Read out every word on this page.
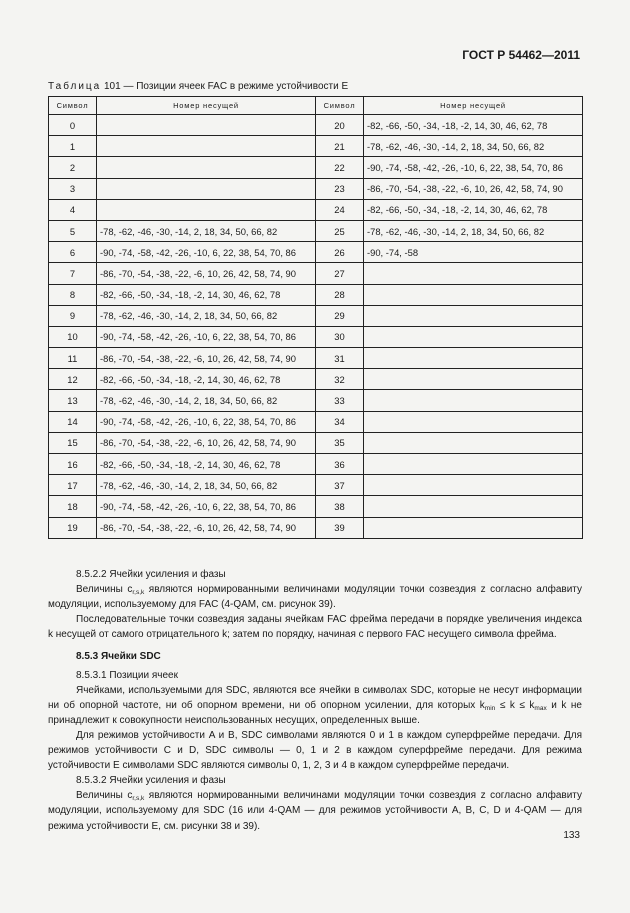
ГОСТ Р 54462—2011
Таблица 101 — Позиции ячеек FAC в режиме устойчивости E
Символ	Номер несущей	Символ	Номер несущей
0		20	-82, -66, -50, -34, -18, -2, 14, 30, 46, 62, 78
1		21	-78, -62, -46, -30, -14, 2, 18, 34, 50, 66, 82
2		22	-90, -74, -58, -42, -26, -10, 6, 22, 38, 54, 70, 86
3		23	-86, -70, -54, -38, -22, -6, 10, 26, 42, 58, 74, 90
4		24	-82, -66, -50, -34, -18, -2, 14, 30, 46, 62, 78
5	-78, -62, -46, -30, -14, 2, 18, 34, 50, 66, 82	25	-78, -62, -46, -30, -14, 2, 18, 34, 50, 66, 82
6	-90, -74, -58, -42, -26, -10, 6, 22, 38, 54, 70, 86	26	-90, -74, -58
7	-86, -70, -54, -38, -22, -6, 10, 26, 42, 58, 74, 90	27	
8	-82, -66, -50, -34, -18, -2, 14, 30, 46, 62, 78	28	
9	-78, -62, -46, -30, -14, 2, 18, 34, 50, 66, 82	29	
10	-90, -74, -58, -42, -26, -10, 6, 22, 38, 54, 70, 86	30	
11	-86, -70, -54, -38, -22, -6, 10, 26, 42, 58, 74, 90	31	
12	-82, -66, -50, -34, -18, -2, 14, 30, 46, 62, 78	32	
13	-78, -62, -46, -30, -14, 2, 18, 34, 50, 66, 82	33	
14	-90, -74, -58, -42, -26, -10, 6, 22, 38, 54, 70, 86	34	
15	-86, -70, -54, -38, -22, -6, 10, 26, 42, 58, 74, 90	35	
16	-82, -66, -50, -34, -18, -2, 14, 30, 46, 62, 78	36	
17	-78, -62, -46, -30, -14, 2, 18, 34, 50, 66, 82	37	
18	-90, -74, -58, -42, -26, -10, 6, 22, 38, 54, 70, 86	38	
19	-86, -70, -54, -38, -22, -6, 10, 26, 42, 58, 74, 90	39	

8.5.2.2 Ячейки усиления и фазы

Величины $c_{r,s,k}$ являются нормированными величинами модуляции точки созвездия z согласно алфавиту модуляции, используемому для FAC (4-QAM, см. рисунок 39).

Последовательные точки созвездия заданы ячейкам FAC фрейма передачи в порядке увеличения индекса k несущей от самого отрицательного k; затем по порядку, начиная с первого FAC несущего символа фрейма.

8.5.3 Ячейки SDC

8.5.3.1 Позиции ячеек

Ячейками, используемыми для SDC, являются все ячейки в символах SDC, которые не несут информации ни об опорной частоте, ни об опорном времени, ни об опорном усилении, для которых $k_{min} \le k \le k_{max}$ и k не принадлежит к совокупности неиспользованных несущих, определенных выше.

Для режимов устойчивости A и B, SDC символами являются 0 и 1 в каждом суперфрейме передачи. Для режимов устойчивости C и D, SDC символы — 0, 1 и 2 в каждом суперфрейме передачи. Для режима устойчивости E символами SDC являются символы 0, 1, 2, 3 и 4 в каждом суперфрейме передачи.

8.5.3.2 Ячейки усиления и фазы

Величины $c_{r,s,k}$ являются нормированными величинами модуляции точки созвездия z согласно алфавиту модуляции, используемому для SDC (16 или 4-QAM — для режимов устойчивости A, B, C, D и 4-QAM — для режима устойчивости E, см. рисунки 38 и 39).

133
